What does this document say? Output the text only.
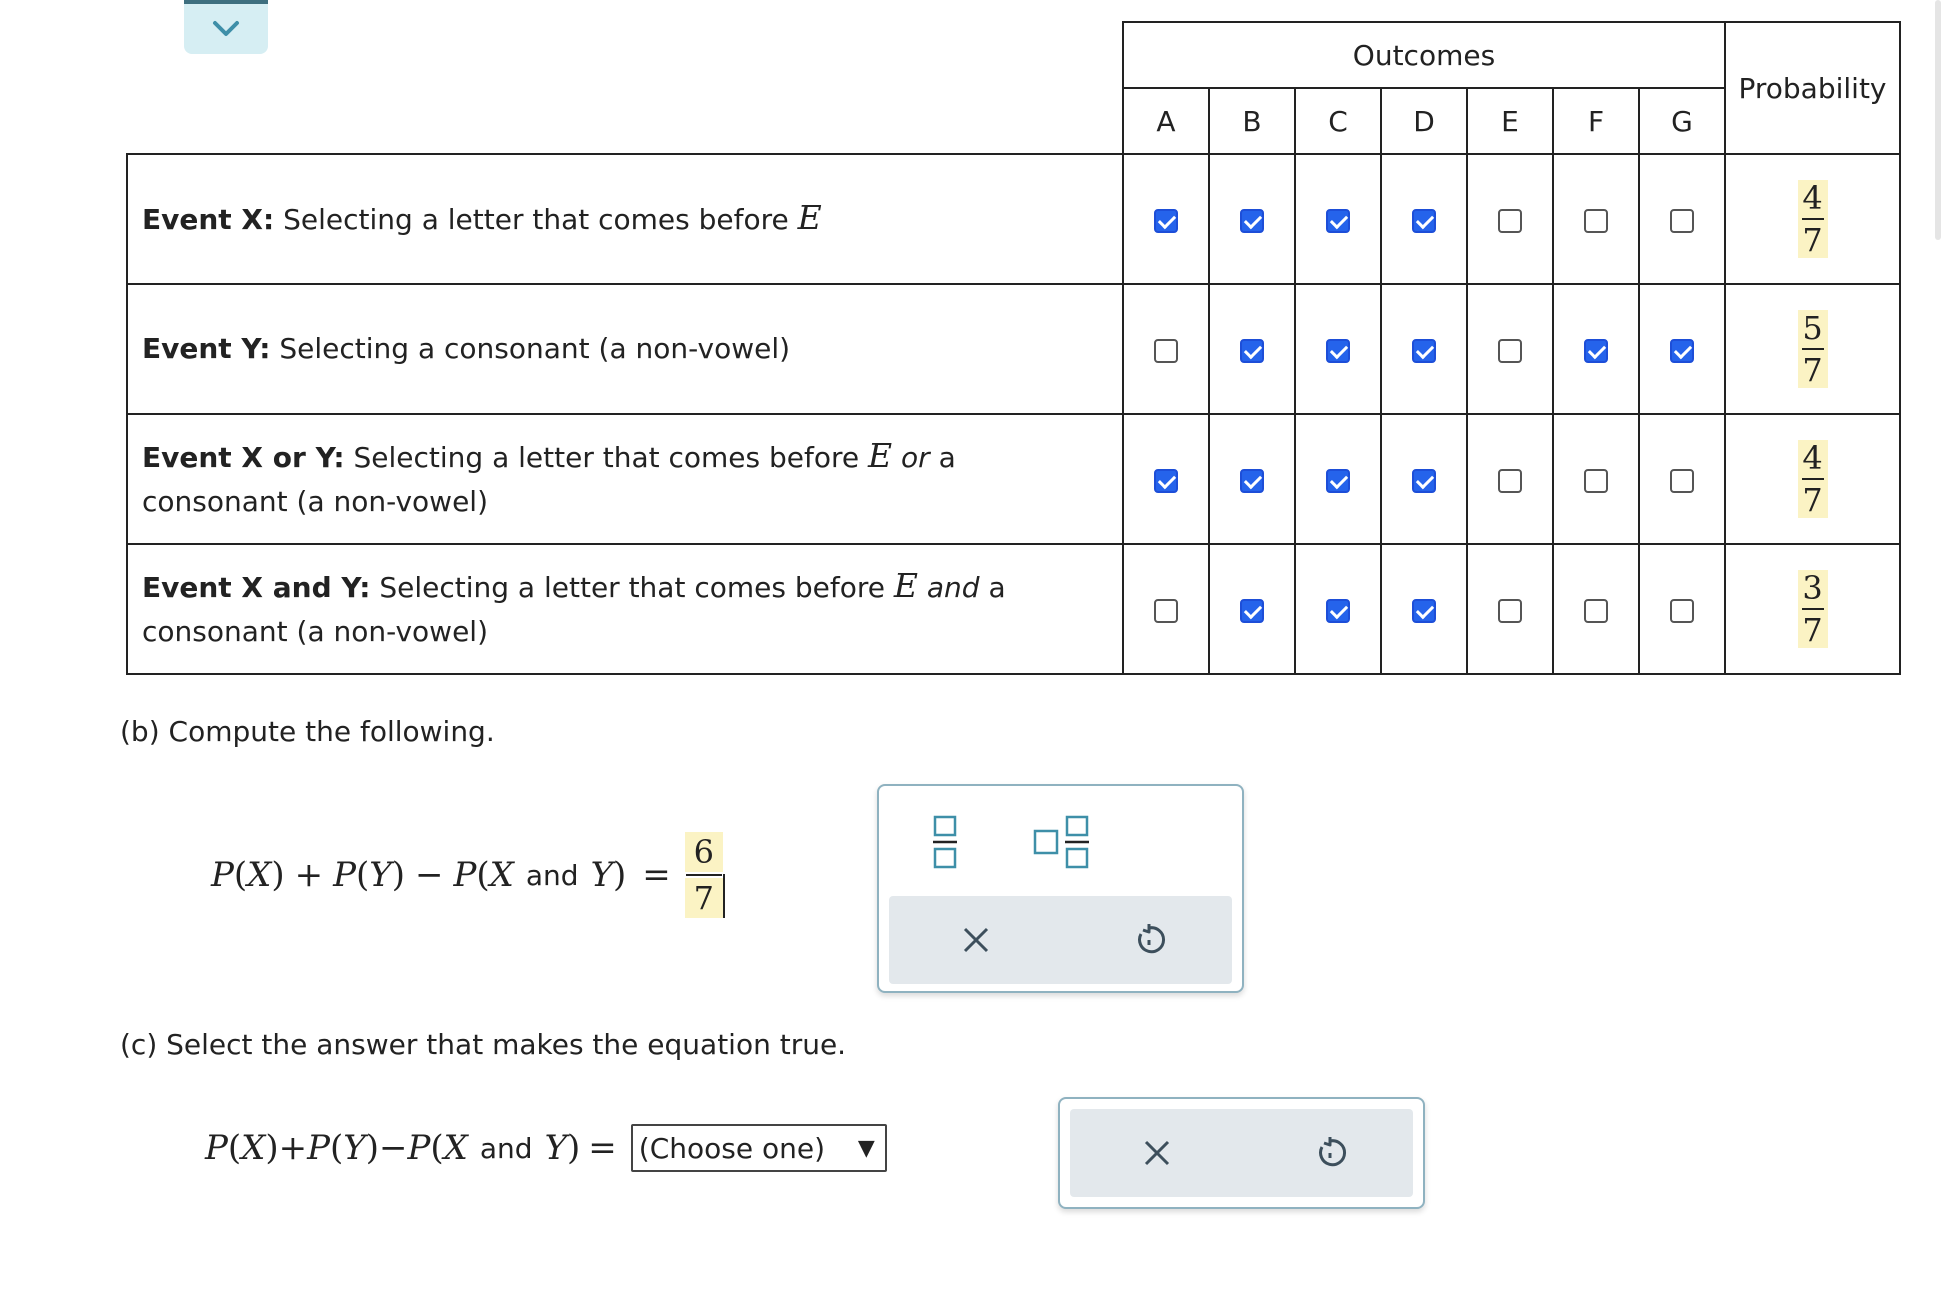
	Outcomes							Probability
	A	B	C	D	E	F	G	
Event X: Selecting a letter that comes before E								$\frac{4}{7}$

Event Y: Selecting a consonant (a non-vowel)								$\frac{5}{7}$

Event X or Y: Selecting a letter that comes before E or a consonant (a non-vowel)								$\frac{4}{7}$

Event X and Y: Selecting a letter that comes before E and a consonant (a non-vowel)								$\frac{3}{7}$
(b) Compute the following.
P ( X ) + P ( Y ) − P ( X and Y ) = $\frac{6}{7}$
(c) Select the answer that makes the equation true.
P ( X ) + P ( Y ) − P ( X and Y ) = (Choose one) ▼
